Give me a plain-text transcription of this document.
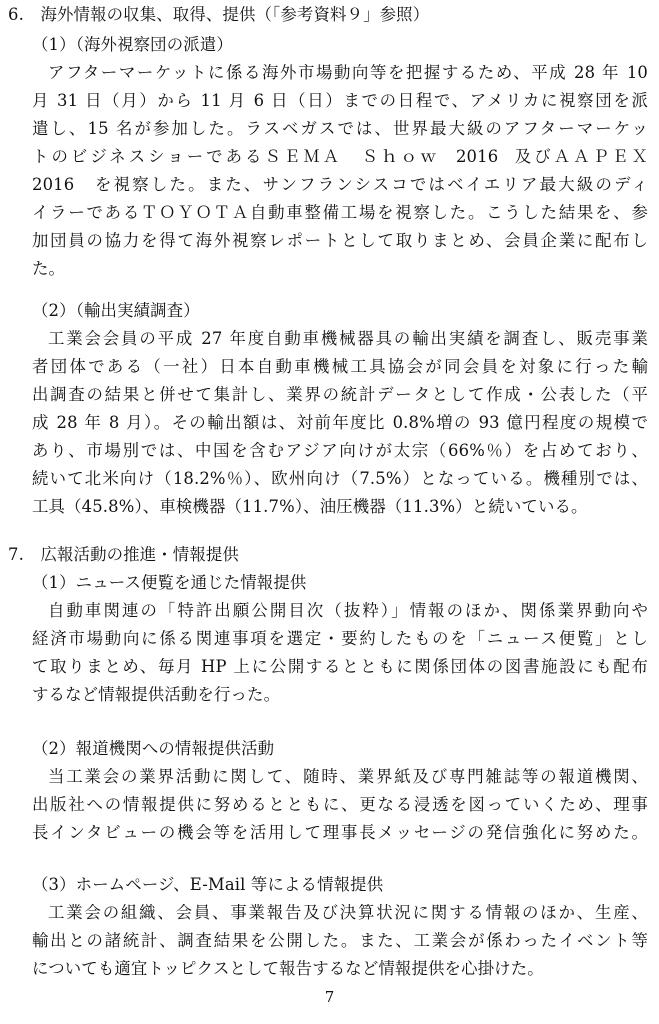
6.　海外情報の収集、取得、提供（「参考資料９」参照）
（1）（海外視察団の派遣）
アフターマーケットに係る海外市場動向等を把握するため、平成 28 年 10
月 31 日（月）から 11 月 6 日（日）までの日程で、アメリカに視察団を派
遣し、15 名が参加した。ラスベガスでは、世界最大級のアフターマーケッ
トのビジネスショーであるＳＥＭＡ　Ｓｈｏｗ  2016  及びＡＡＰＥＸ
2016　を視察した。また、サンフランシスコではベイエリア最大級のディ
イラーであるＴＯＹＯＴＡ自動車整備工場を視察した。こうした結果を、参
加団員の協力を得て海外視察レポートとして取りまとめ、会員企業に配布し
た。
（2）（輸出実績調査）
工業会会員の平成 27 年度自動車機械器具の輸出実績を調査し、販売事業
者団体である（一社）日本自動車機械工具協会が同会員を対象に行った輸
出調査の結果と併せて集計し、業界の統計データとして作成・公表した（平
成 28 年 8 月）。その輸出額は、対前年度比 0.8%増の 93 億円程度の規模で
あり、市場別では、中国を含むアジア向けが太宗（66%％）を占めており、
続いて北米向け（18.2%％）、欧州向け（7.5%）となっている。機種別では、
工具（45.8%）、車検機器（11.7%）、油圧機器（11.3%）と続いている。
7.　広報活動の推進・情報提供
（1）ニュース便覧を通じた情報提供
自動車関連の「特許出願公開目次（抜粋）」情報のほか、関係業界動向や
経済市場動向に係る関連事項を選定・要約したものを「ニュース便覧」とし
て取りまとめ、毎月 HP 上に公開するとともに関係団体の図書施設にも配布
するなど情報提供活動を行った。
（2）報道機関への情報提供活動
当工業会の業界活動に関して、随時、業界紙及び専門雑誌等の報道機関、
出版社への情報提供に努めるとともに、更なる浸透を図っていくため、理事
長インタビューの機会等を活用して理事長メッセージの発信強化に努めた。
（3）ホームページ、E-Mail 等による情報提供
工業会の組織、会員、事業報告及び決算状況に関する情報のほか、生産、
輸出との諸統計、調査結果を公開した。また、工業会が係わったイベント等
についても適宜トッピクスとして報告するなど情報提供を心掛けた。
7
